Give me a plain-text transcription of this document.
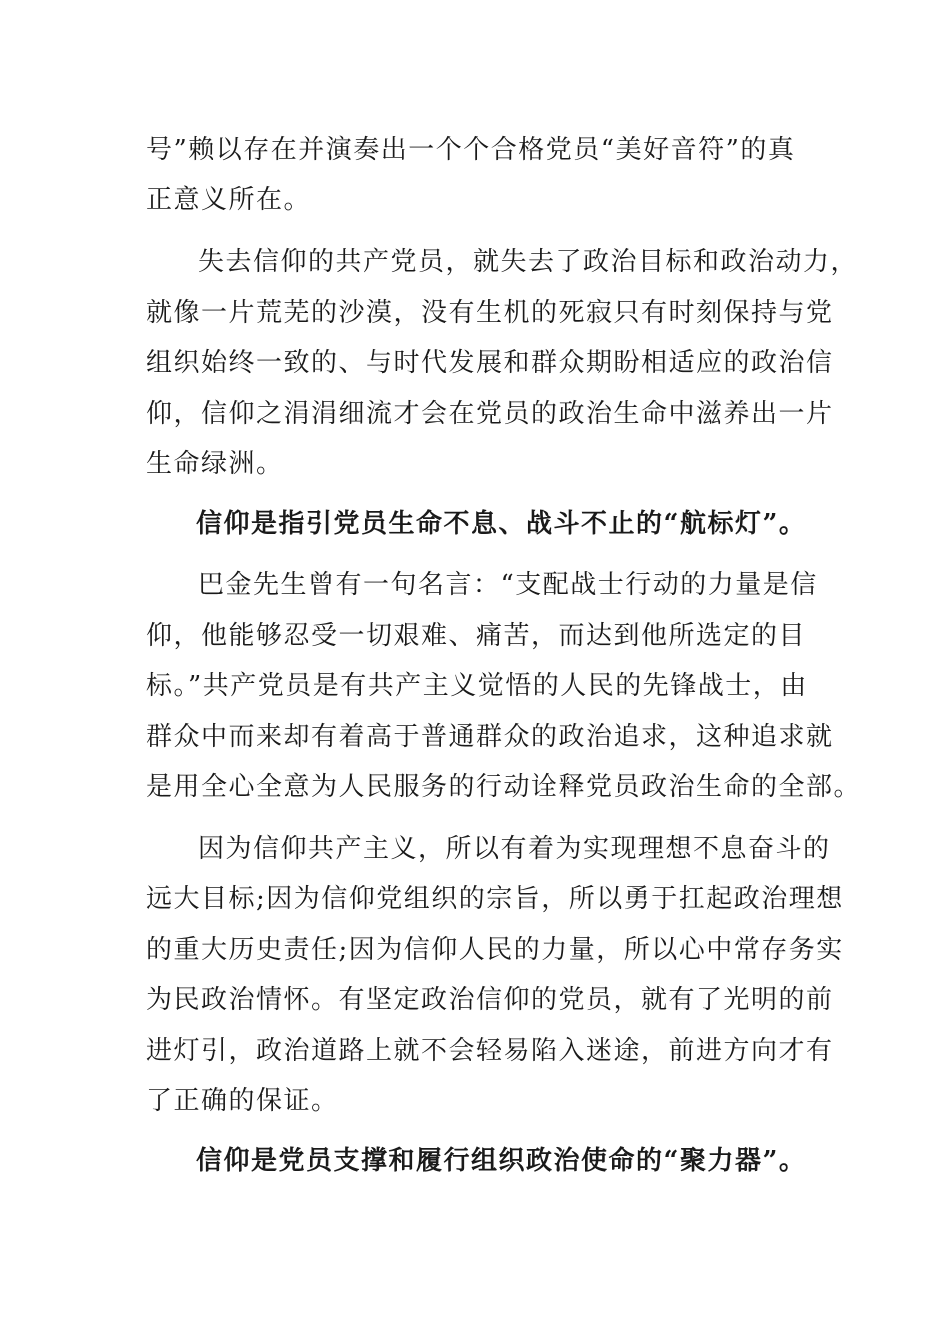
号”赖以存在并演奏出一个个合格党员“美好音符”的真
正意义所在。
失去信仰的共产党员，就失去了政治目标和政治动力，
就像一片荒芜的沙漠，没有生机的死寂只有时刻保持与党
组织始终一致的、与时代发展和群众期盼相适应的政治信
仰，信仰之涓涓细流才会在党员的政治生命中滋养出一片
生命绿洲。
信仰是指引党员生命不息、战斗不止的“航标灯”。
巴金先生曾有一句名言：“支配战士行动的力量是信
仰，他能够忍受一切艰难、痛苦，而达到他所选定的目
标。”共产党员是有共产主义觉悟的人民的先锋战士，由
群众中而来却有着高于普通群众的政治追求，这种追求就
是用全心全意为人民服务的行动诠释党员政治生命的全部。
因为信仰共产主义，所以有着为实现理想不息奋斗的
远大目标;因为信仰党组织的宗旨，所以勇于扛起政治理想
的重大历史责任;因为信仰人民的力量，所以心中常存务实
为民政治情怀。有坚定政治信仰的党员，就有了光明的前
进灯引，政治道路上就不会轻易陷入迷途，前进方向才有
了正确的保证。
信仰是党员支撑和履行组织政治使命的“聚力器”。
